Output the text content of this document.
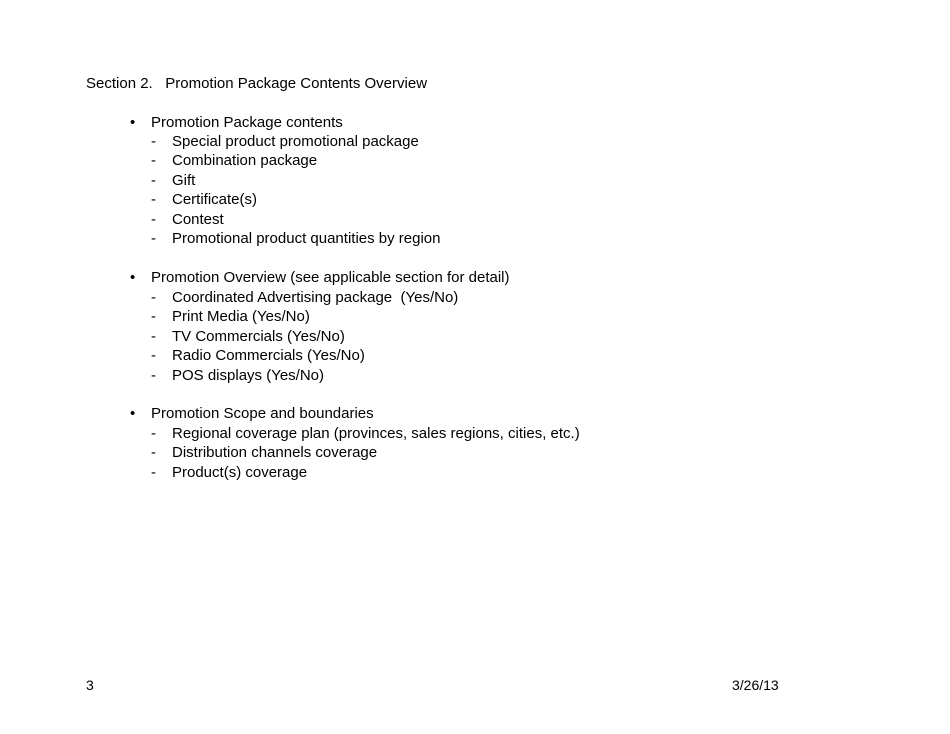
Section 2. Promotion Package Contents Overview
•	Promotion Package contents
- Special product promotional package
- Combination package
- Gift
- Certificate(s)
- Contest
- Promotional product quantities by region
•	Promotion Overview (see applicable section for detail)
- Coordinated Advertising package  (Yes/No)
- Print Media (Yes/No)
- TV Commercials (Yes/No)
- Radio Commercials (Yes/No)
- POS displays (Yes/No)
•	Promotion Scope and boundaries
- Regional coverage plan (provinces, sales regions, cities, etc.)
- Distribution channels coverage
- Product(s) coverage
3	3/26/13
